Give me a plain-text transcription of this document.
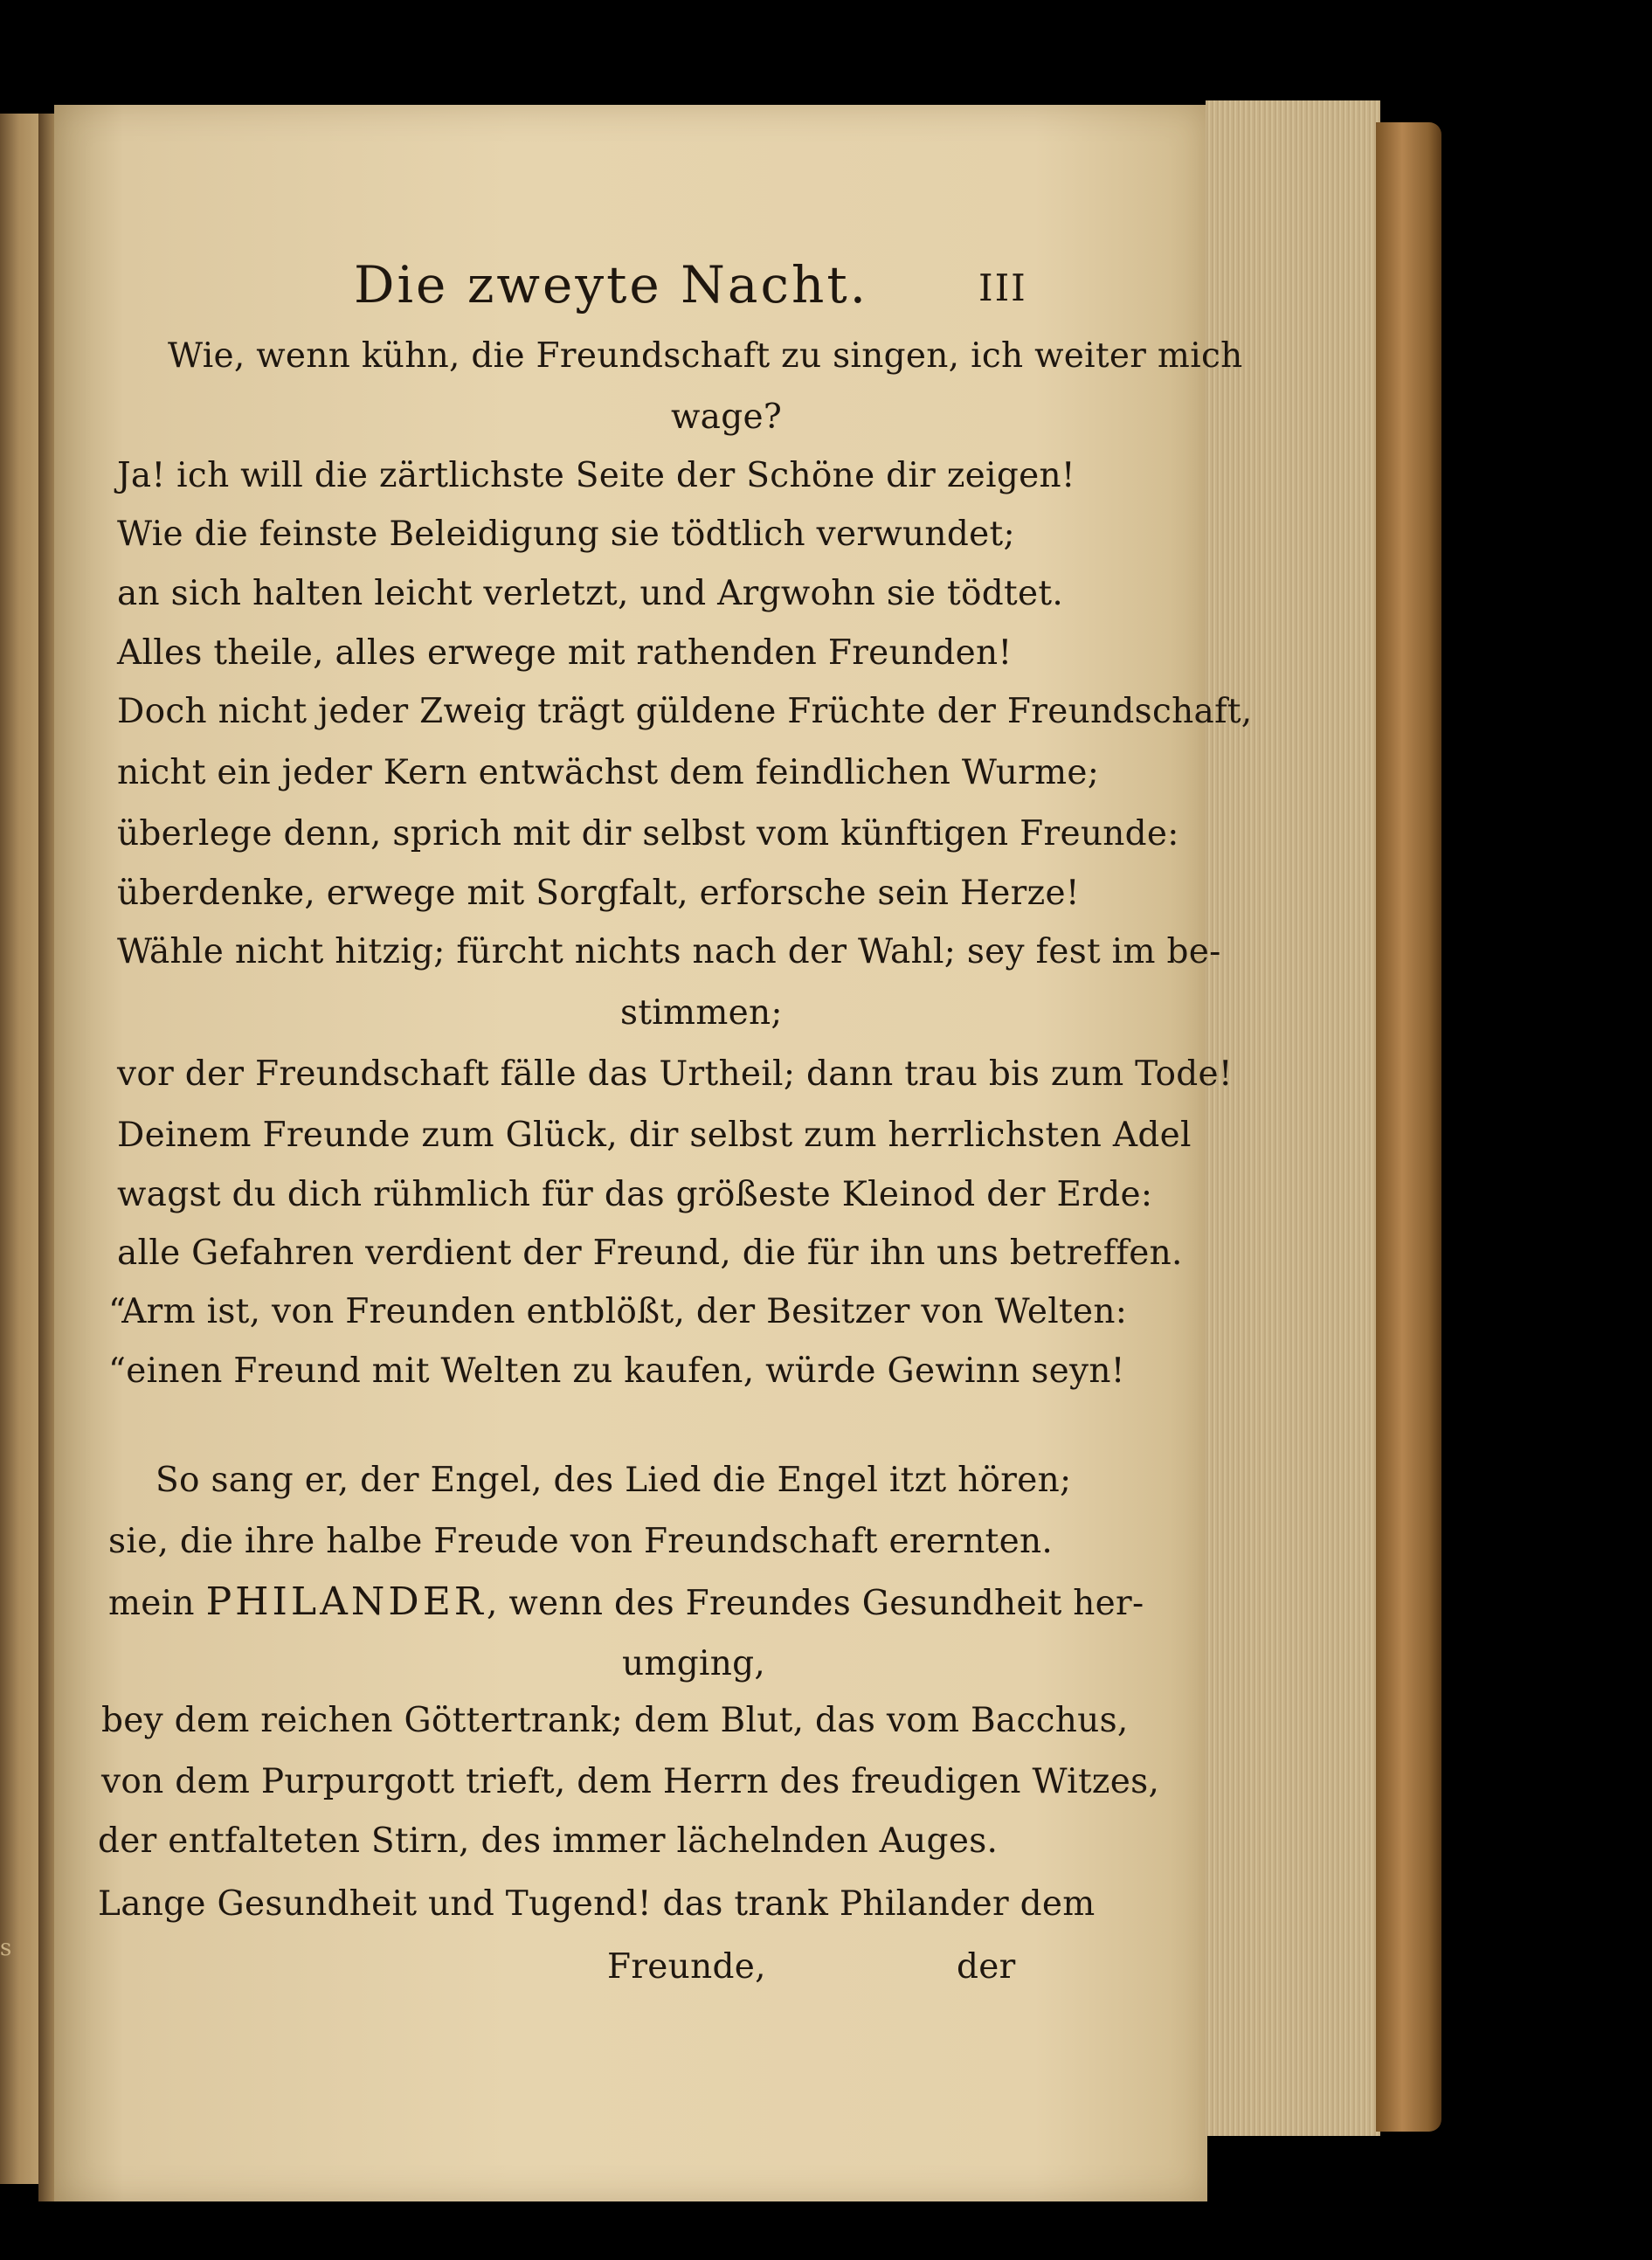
s
Die zweyte Nacht.	III
Wie, wenn kühn, die Freundschaft zu singen, ich weiter mich
wage?
Ja! ich will die zärtlichste Seite der Schöne dir zeigen!
Wie die feinste Beleidigung sie tödtlich verwundet;
an sich halten leicht verletzt, und Argwohn sie tödtet.
Alles theile, alles erwege mit rathenden Freunden!
Doch nicht jeder Zweig trägt güldene Früchte der Freundschaft,
nicht ein jeder Kern entwächst dem feindlichen Wurme;
überlege denn, sprich mit dir selbst vom künftigen Freunde:
überdenke, erwege mit Sorgfalt, erforsche sein Herze!
Wähle nicht hitzig; fürcht nichts nach der Wahl; sey fest im be-
stimmen;
vor der Freundschaft fälle das Urtheil; dann trau bis zum Tode!
Deinem Freunde zum Glück, dir selbst zum herrlichsten Adel
wagst du dich rühmlich für das größeste Kleinod der Erde:
alle Gefahren verdient der Freund, die für ihn uns betreffen.
“Arm ist, von Freunden entblößt, der Besitzer von Welten:
“einen Freund mit Welten zu kaufen, würde Gewinn seyn!
So sang er, der Engel, des Lied die Engel itzt hören;
sie, die ihre halbe Freude von Freundschaft erernten.
mein PHILANDER, wenn des Freundes Gesundheit her-
umging,
bey dem reichen Göttertrank; dem Blut, das vom Bacchus,
von dem Purpurgott trieft, dem Herrn des freudigen Witzes,
der entfalteten Stirn, des immer lächelnden Auges.
Lange Gesundheit und Tugend! das trank Philander dem
Freunde,	der
